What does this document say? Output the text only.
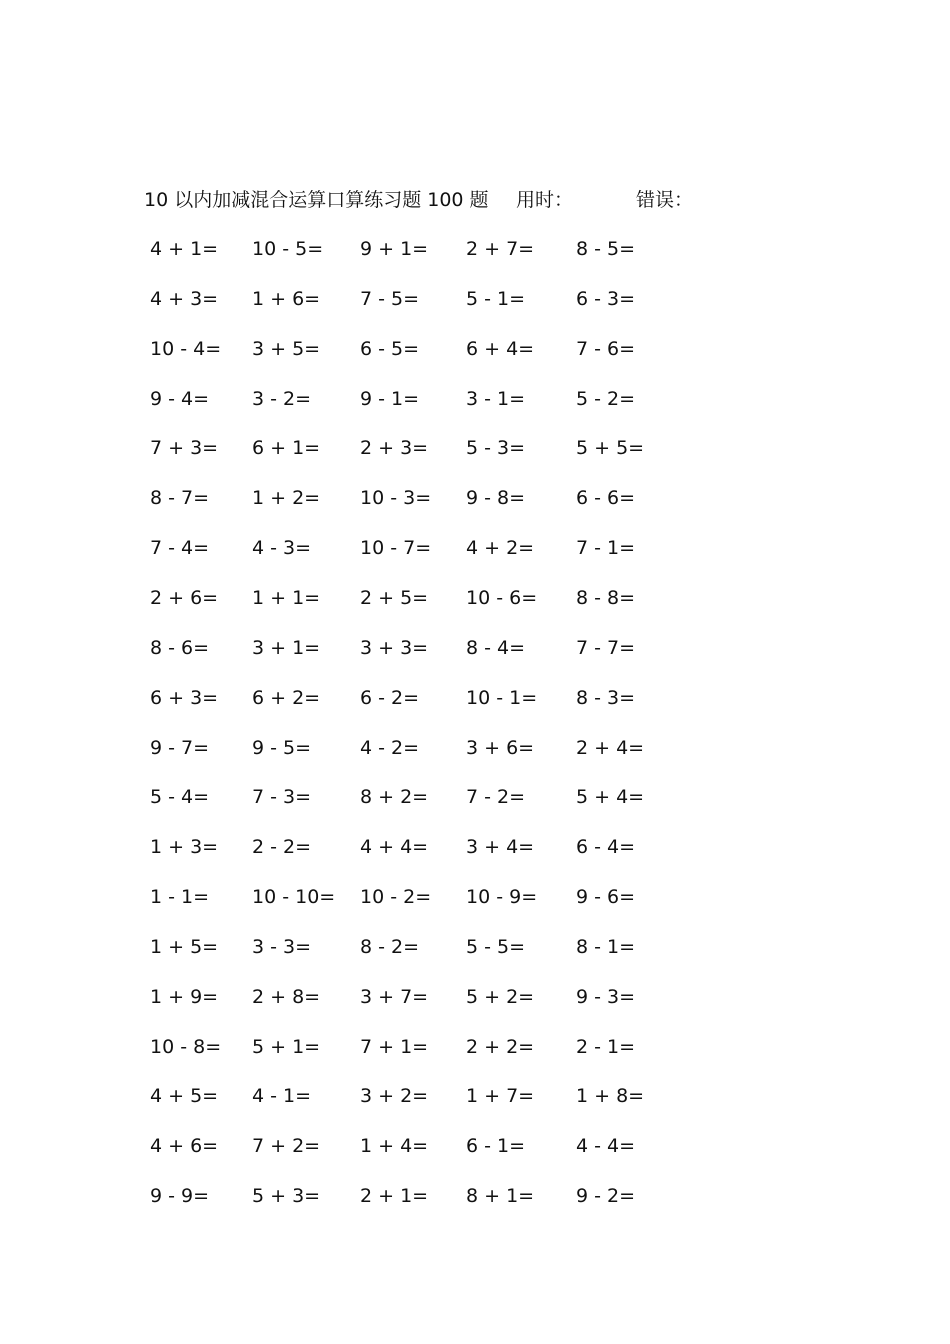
10 以内加减混合运算口算练习题 100 题 用时：	错误：
4 + 1=	10 - 5=	9 + 1=	2 + 7=	8 - 5=
4 + 3=	1 + 6=	7 - 5=	5 - 1=	6 - 3=
10 - 4=	3 + 5=	6 - 5=	6 + 4=	7 - 6=
9 - 4=	3 - 2=	9 - 1=	3 - 1=	5 - 2=
7 + 3=	6 + 1=	2 + 3=	5 - 3=	5 + 5=
8 - 7=	1 + 2=	10 - 3=	9 - 8=	6 - 6=
7 - 4=	4 - 3=	10 - 7=	4 + 2=	7 - 1=
2 + 6=	1 + 1=	2 + 5=	10 - 6=	8 - 8=
8 - 6=	3 + 1=	3 + 3=	8 - 4=	7 - 7=
6 + 3=	6 + 2=	6 - 2=	10 - 1=	8 - 3=
9 - 7=	9 - 5=	4 - 2=	3 + 6=	2 + 4=
5 - 4=	7 - 3=	8 + 2=	7 - 2=	5 + 4=
1 + 3=	2 - 2=	4 + 4=	3 + 4=	6 - 4=
1 - 1=	10 - 10=	10 - 2=	10 - 9=	9 - 6=
1 + 5=	3 - 3=	8 - 2=	5 - 5=	8 - 1=
1 + 9=	2 + 8=	3 + 7=	5 + 2=	9 - 3=
10 - 8=	5 + 1=	7 + 1=	2 + 2=	2 - 1=
4 + 5=	4 - 1=	3 + 2=	1 + 7=	1 + 8=
4 + 6=	7 + 2=	1 + 4=	6 - 1=	4 - 4=
9 - 9=	5 + 3=	2 + 1=	8 + 1=	9 - 2=
